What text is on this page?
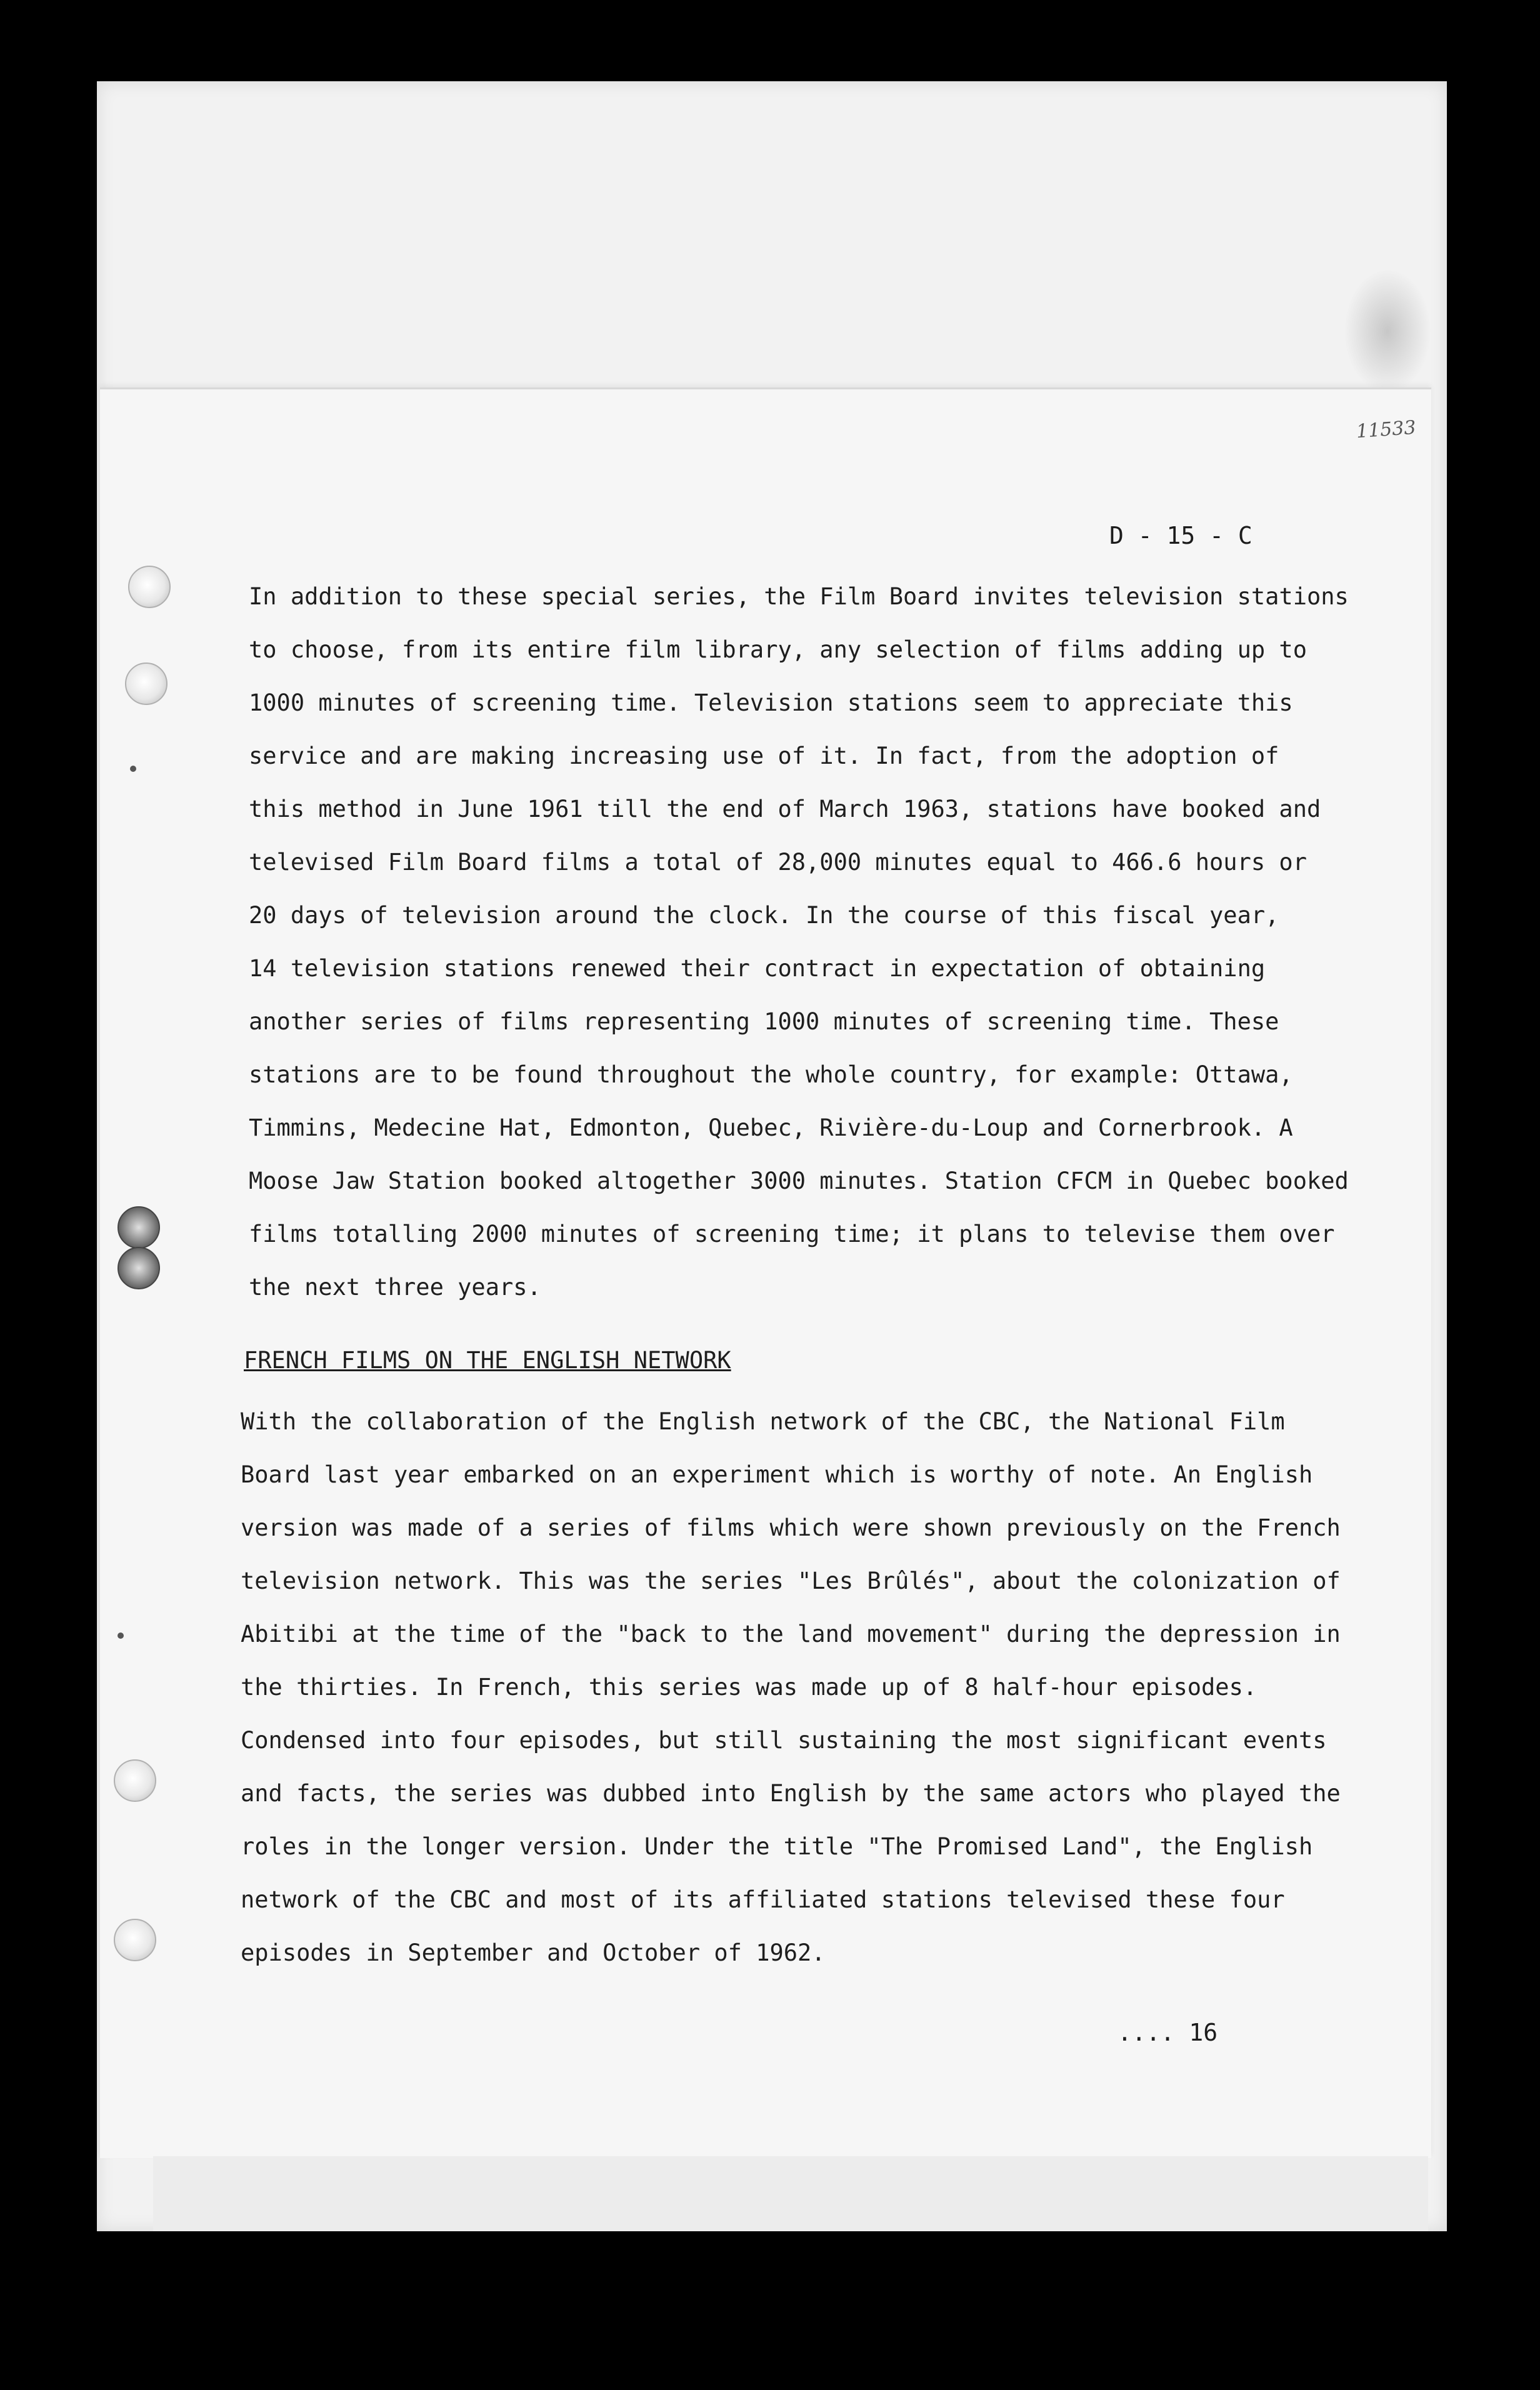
11533
D - 15 - C
In addition to these special series, the Film Board invites television stations
to choose, from its entire film library, any selection of films adding up to
1000 minutes of screening time. Television stations seem to appreciate this
service and are making increasing use of it. In fact, from the adoption of
this method in June 1961 till the end of March 1963, stations have booked and
televised Film Board films a total of 28,000 minutes equal to 466.6 hours or
20 days of television around the clock. In the course of this fiscal year,
14 television stations renewed their contract in expectation of obtaining
another series of films representing 1000 minutes of screening time. These
stations are to be found throughout the whole country, for example: Ottawa,
Timmins, Medecine Hat, Edmonton, Quebec, Rivière-du-Loup and Cornerbrook. A
Moose Jaw Station booked altogether 3000 minutes. Station CFCM in Quebec booked
films totalling 2000 minutes of screening time; it plans to televise them over
the next three years.
FRENCH FILMS ON THE ENGLISH NETWORK
With the collaboration of the English network of the CBC, the National Film
Board last year embarked on an experiment which is worthy of note. An English
version was made of a series of films which were shown previously on the French
television network. This was the series "Les Brûlés", about the colonization of
Abitibi at the time of the "back to the land movement" during the depression in
the thirties. In French, this series was made up of 8 half-hour episodes.
Condensed into four episodes, but still sustaining the most significant events
and facts, the series was dubbed into English by the same actors who played the
roles in the longer version. Under the title "The Promised Land", the English
network of the CBC and most of its affiliated stations televised these four
episodes in September and October of 1962.
.... 16
